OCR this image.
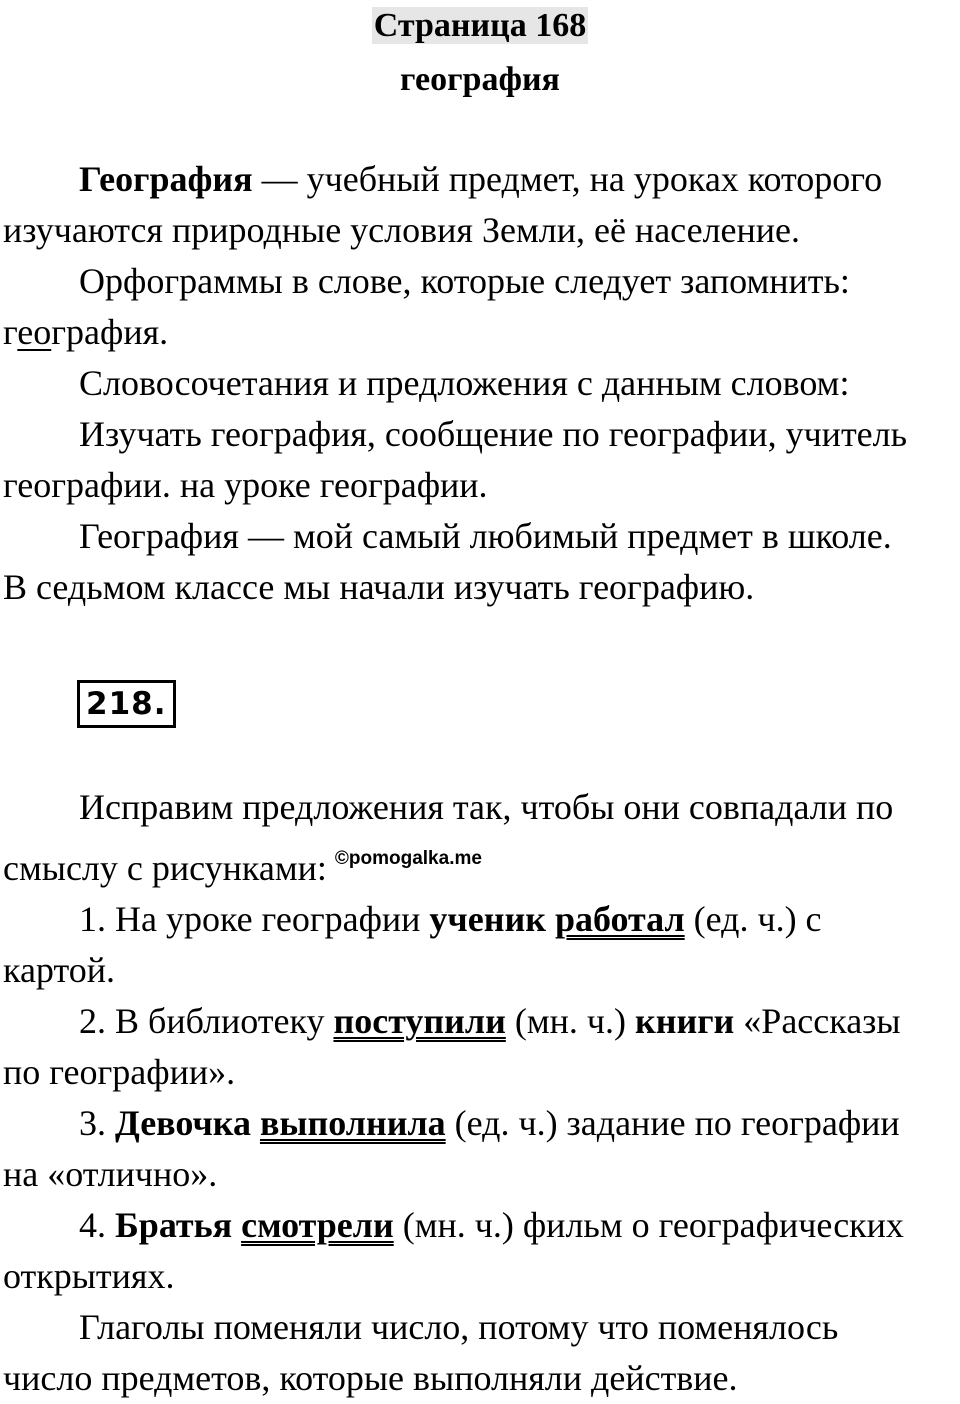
Страница 168
география
География — учебный предмет, на уроках которого
изучаются природные условия Земли, её население.
Орфограммы в слове, которые следует запомнить:
география.
Словосочетания и предложения с данным словом:
Изучать география, сообщение по географии, учитель
географии. на уроке географии.
География — мой самый любимый предмет в школе.
В седьмом классе мы начали изучать географию.
218.
Исправим предложения так, чтобы они совпадали по
смыслу с рисунками: $^{©pomogalka.me}$
1. На уроке географии ученик работал (ед. ч.) с
картой.
2. В библиотеку поступили (мн. ч.) книги «Рассказы
по географии».
3. Девочка выполнила (ед. ч.) задание по географии
на «отлично».
4. Братья смотрели (мн. ч.) фильм о географических
открытиях.
Глаголы поменяли число, потому что поменялось
число предметов, которые выполняли действие.
